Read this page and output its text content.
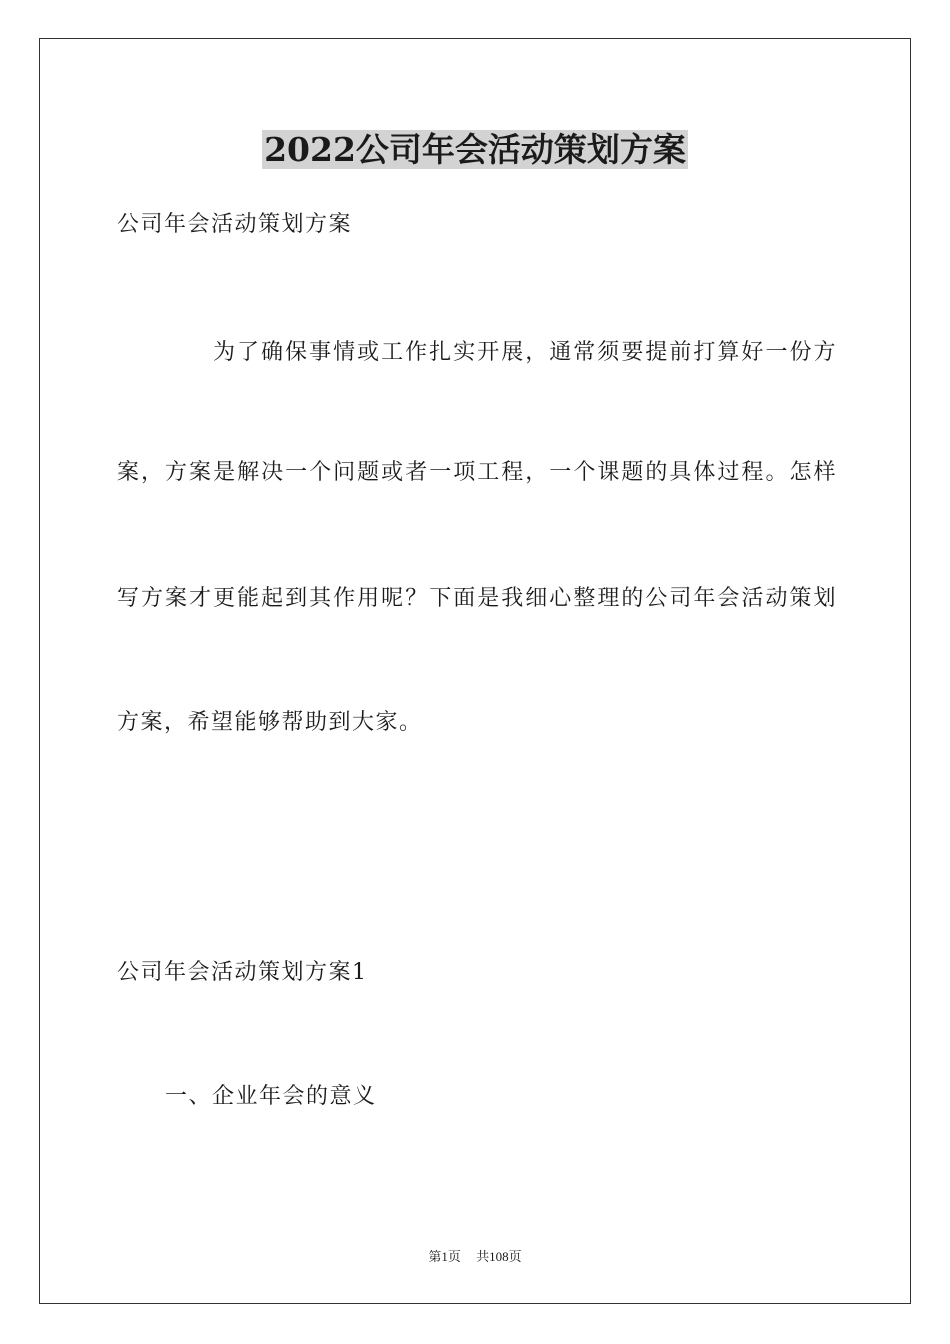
2022公司年会活动策划方案

公司年会活动策划方案

为了确保事情或工作扎实开展，通常须要提前打算好一份方

案，方案是解决一个问题或者一项工程，一个课题的具体过程。怎样

写方案才更能起到其作用呢？下面是我细心整理的公司年会活动策划

方案，希望能够帮助到大家。

公司年会活动策划方案1

一、企业年会的意义

第1页 共108页
